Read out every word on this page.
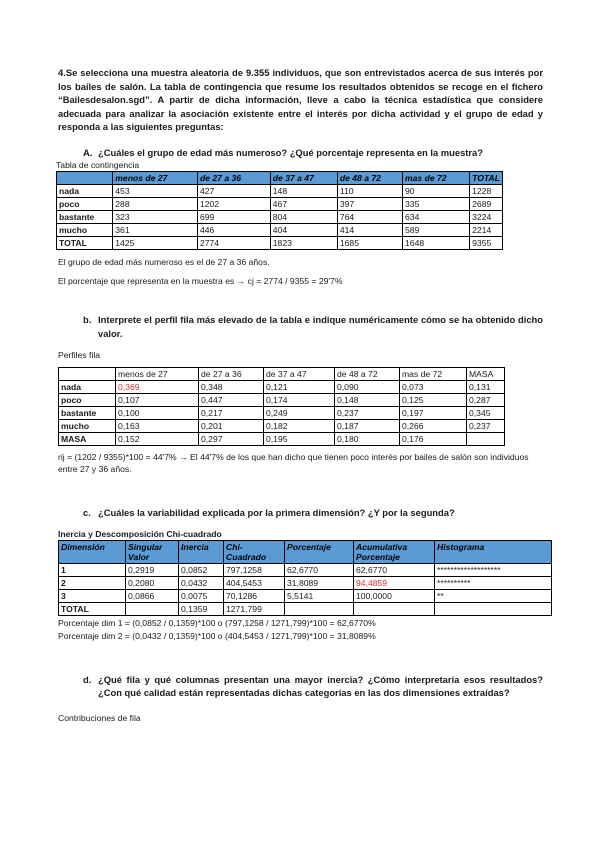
4.Se selecciona una muestra aleatoria de 9.355 individuos, que son entrevistados acerca de sus interés por los bailes de salón. La tabla de contingencia que resume los resultados obtenidos se recoge en el fichero “Bailesdesalon.sgd”. A partir de dicha información, lleve a cabo la técnica estadística que considere adecuada para analizar la asociación existente entre el interés por dicha actividad y el grupo de edad y responda a las siguientes preguntas:

A. ¿Cuáles el grupo de edad más numeroso? ¿Qué porcentaje representa en la muestra?

Tabla de contingencia

	menos de 27	de 27 a 36	de 37 a 47	de 48 a 72	mas de 72	TOTAL
nada	453	427	148	110	90	1228
poco	288	1202	467	397	335	2689
bastante	323	699	804	764	634	3224
mucho	361	446	404	414	589	2214
TOTAL	1425	2774	1823	1685	1648	9355

El grupo de edad más numeroso es el de 27 a 36 años.

El porcentaje que representa en la muestra es → cj = 2774 / 9355 = 29'7%

b. Interprete el perfil fila más elevado de la tabla e indique numéricamente cómo se ha obtenido dicho valor.

Perfiles fila

	menos de 27	de 27 a 36	de 37 a 47	de 48 a 72	mas de 72	MASA
nada	0,369	0,348	0,121	0,090	0,073	0,131
poco	0,107	0,447	0,174	0,148	0,125	0,287
bastante	0,100	0,217	0,249	0,237	0,197	0,345
mucho	0,163	0,201	0,182	0,187	0,266	0,237
MASA	0,152	0,297	0,195	0,180	0,176	

rij = (1202 / 9355)*100 = 44'7% → El 44'7% de los que han dicho que tienen poco interés por bailes de salón son individuos entre 27 y 36 años.

c. ¿Cuáles la variabilidad explicada por la primera dimensión? ¿Y por la segunda?

Inercia y Descomposición Chi-cuadrado

Dimensión	Singular Valor	Inercia	Chi-Cuadrado	Porcentaje	Acumulativa Porcentaje	Histograma
1	0,2919	0,0852	797,1258	62,6770	62,6770	*******************
2	0,2080	0,0432	404,5453	31,8089	94,4859	**********
3	0,0866	0,0075	70,1286	5,5141	100,0000	**
TOTAL		0,1359	1271,799			

Porcentaje dim 1 = (0,0852 / 0,1359)*100 o (797,1258 / 1271,799)*100 = 62,6770%

Porcentaje dim 2 = (0,0432 / 0,1359)*100 o (404,5453 / 1271,799)*100 = 31,8089%

d. ¿Qué fila y qué columnas presentan una mayor inercia? ¿Cómo interpretaría esos resultados? ¿Con qué calidad están representadas dichas categorías en las dos dimensiones extraídas?

Contribuciones de fila
